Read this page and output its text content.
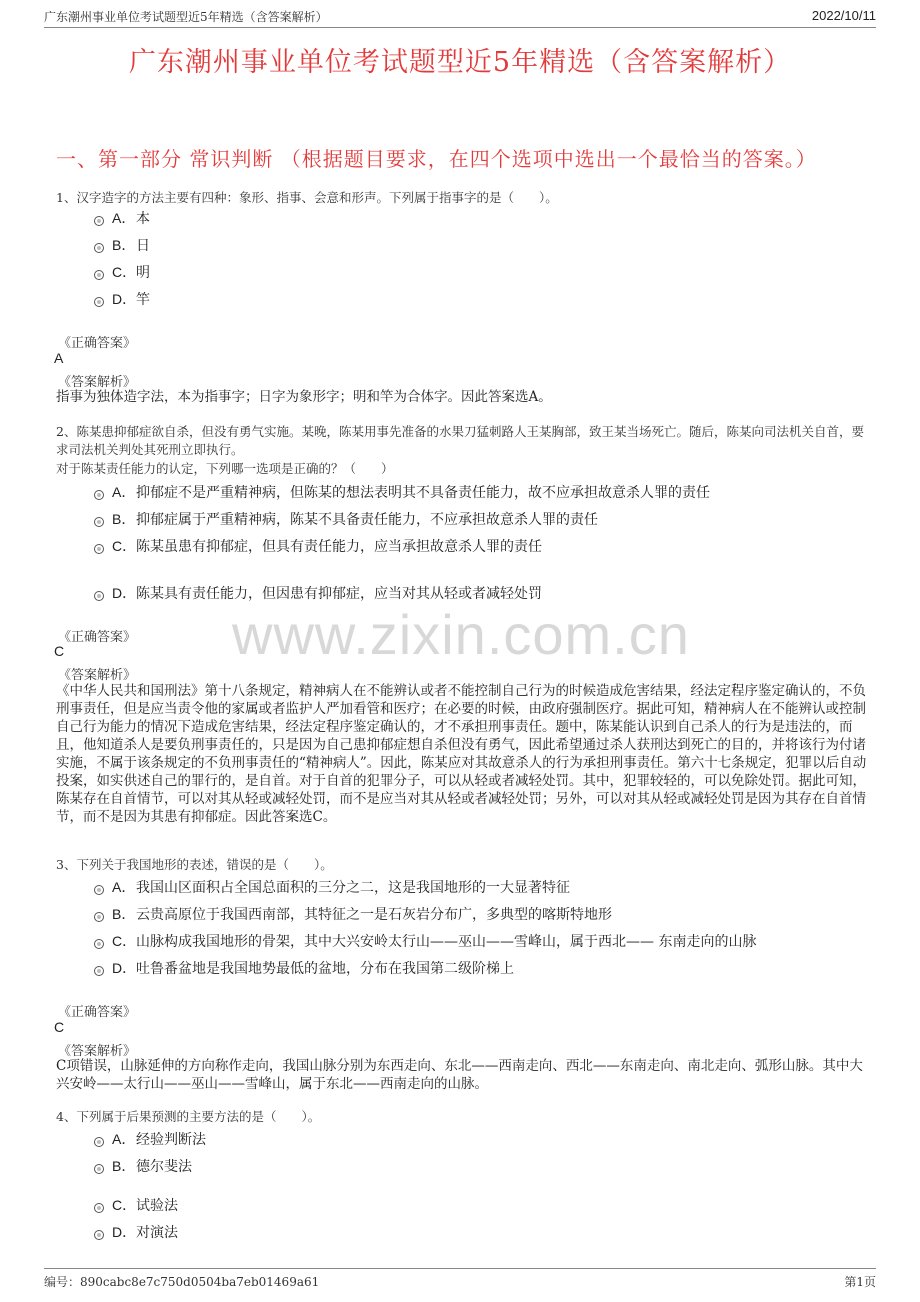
广东潮州事业单位考试题型近5年精选（含答案解析）	2022/10/11
广东潮州事业单位考试题型近5年精选（含答案解析）
一、第一部分 常识判断 （根据题目要求，在四个选项中选出一个最恰当的答案。）
www.zixin.com.cn
1、汉字造字的方法主要有四种：象形、指事、会意和形声。下列属于指事字的是（　　）。
A． 本
B． 日
C． 明
D． 竿
《正确答案》
A
《答案解析》
指事为独体造字法，本为指事字；日字为象形字；明和竿为合体字。因此答案选A。
2、陈某患抑郁症欲自杀，但没有勇气实施。某晚，陈某用事先准备的水果刀猛刺路人王某胸部，致王某当场死亡。随后，陈某向司法机关自首，要求司法机关判处其死刑立即执行。
对于陈某责任能力的认定，下列哪一选项是正确的？（　　）
A． 抑郁症不是严重精神病，但陈某的想法表明其不具备责任能力，故不应承担故意杀人罪的责任
B． 抑郁症属于严重精神病，陈某不具备责任能力，不应承担故意杀人罪的责任
C． 陈某虽患有抑郁症，但具有责任能力，应当承担故意杀人罪的责任
D． 陈某具有责任能力，但因患有抑郁症，应当对其从轻或者减轻处罚
《正确答案》
C
《答案解析》
《中华人民共和国刑法》第十八条规定，精神病人在不能辨认或者不能控制自己行为的时候造成危害结果，经法定程序鉴定确认的，不负刑事责任，但是应当责令他的家属或者监护人严加看管和医疗；在必要的时候，由政府强制医疗。据此可知，精神病人在不能辨认或控制自己行为能力的情况下造成危害结果，经法定程序鉴定确认的，才不承担刑事责任。题中，陈某能认识到自己杀人的行为是违法的，而且，他知道杀人是要负刑事责任的，只是因为自己患抑郁症想自杀但没有勇气，因此希望通过杀人获刑达到死亡的目的，并将该行为付诸实施，不属于该条规定的不负刑事责任的“精神病人”。因此，陈某应对其故意杀人的行为承担刑事责任。第六十七条规定，犯罪以后自动投案，如实供述自己的罪行的，是自首。对于自首的犯罪分子，可以从轻或者减轻处罚。其中，犯罪较轻的，可以免除处罚。据此可知，陈某存在自首情节，可以对其从轻或减轻处罚，而不是应当对其从轻或者减轻处罚；另外，可以对其从轻或减轻处罚是因为其存在自首情节，而不是因为其患有抑郁症。因此答案选C。
3、下列关于我国地形的表述，错误的是（　　）。
A． 我国山区面积占全国总面积的三分之二，这是我国地形的一大显著特征
B． 云贵高原位于我国西南部，其特征之一是石灰岩分布广，多典型的喀斯特地形
C． 山脉构成我国地形的骨架，其中大兴安岭太行山——巫山——雪峰山，属于西北—— 东南走向的山脉
D． 吐鲁番盆地是我国地势最低的盆地，分布在我国第二级阶梯上
《正确答案》
C
《答案解析》
C项错误，山脉延伸的方向称作走向，我国山脉分别为东西走向、东北——西南走向、西北——东南走向、南北走向、弧形山脉。其中大兴安岭——太行山——巫山——雪峰山，属于东北——西南走向的山脉。
4、下列属于后果预测的主要方法的是（　　）。
A． 经验判断法
B． 德尔斐法
C． 试验法
D． 对演法
编号：890cabc8e7c750d0504ba7eb01469a61	第1页
